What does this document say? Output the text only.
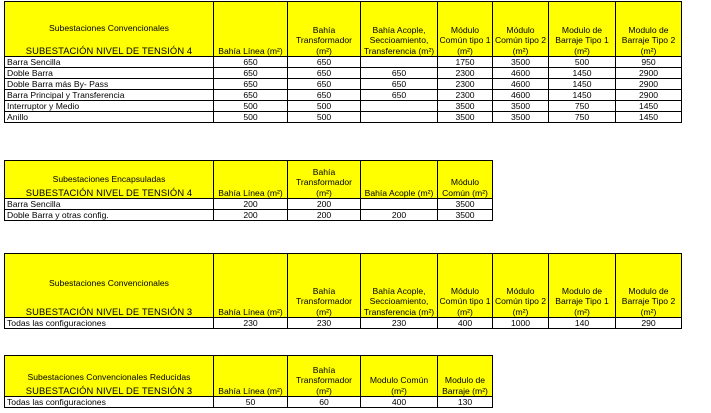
Subestaciones Convencionales
SUBESTACIÓN NIVEL DE TENSIÓN 4	Bahía Línea (m²)	Bahía Transformador (m²)	Bahía Acople, Seccioamiento, Transferencia (m²)	Módulo Común tipo 1 (m²)	Módulo Común tipo 2 (m²)	Modulo de Barraje Tipo 1 (m²)	Modulo de Barraje Tipo 2 (m²)
Barra Sencilla	650	650		1750	3500	500	950
Doble Barra	650	650	650	2300	4600	1450	2900
Doble Barra más By- Pass	650	650	650	2300	4600	1450	2900
Barra Principal y Transferencia	650	650	650	2300	4600	1450	2900
Interruptor y Medio	500	500		3500	3500	750	1450
Anillo	500	500		3500	3500	750	1450
Subestaciones Encapsuladas
SUBESTACIÓN NIVEL DE TENSIÓN 4	Bahía Línea (m²)	Bahía Transformador (m²)	Bahía Acople (m²)	Módulo Común (m²)
Barra Sencilla	200	200		3500
Doble Barra y otras config.	200	200	200	3500
Subestaciones Convencionales
SUBESTACIÓN NIVEL DE TENSIÓN 3	Bahía Línea (m²)	Bahía Transformador (m²)	Bahía Acople, Seccioamiento, Transferencia (m²)	Módulo Común tipo 1 (m²)	Módulo Común tipo 2 (m²)	Modulo de Barraje Tipo 1 (m²)	Modulo de Barraje Tipo 2 (m²)
Todas las configuraciones	230	230	230	400	1000	140	290
Subestaciones Convencionales Reducidas
SUBESTACIÓN NIVEL DE TENSIÓN 3	Bahía Línea (m²)	Bahía Transformador (m²)	Modulo Común (m²)	Modulo de Barraje (m²)
Todas las configuraciones	50	60	400	130
